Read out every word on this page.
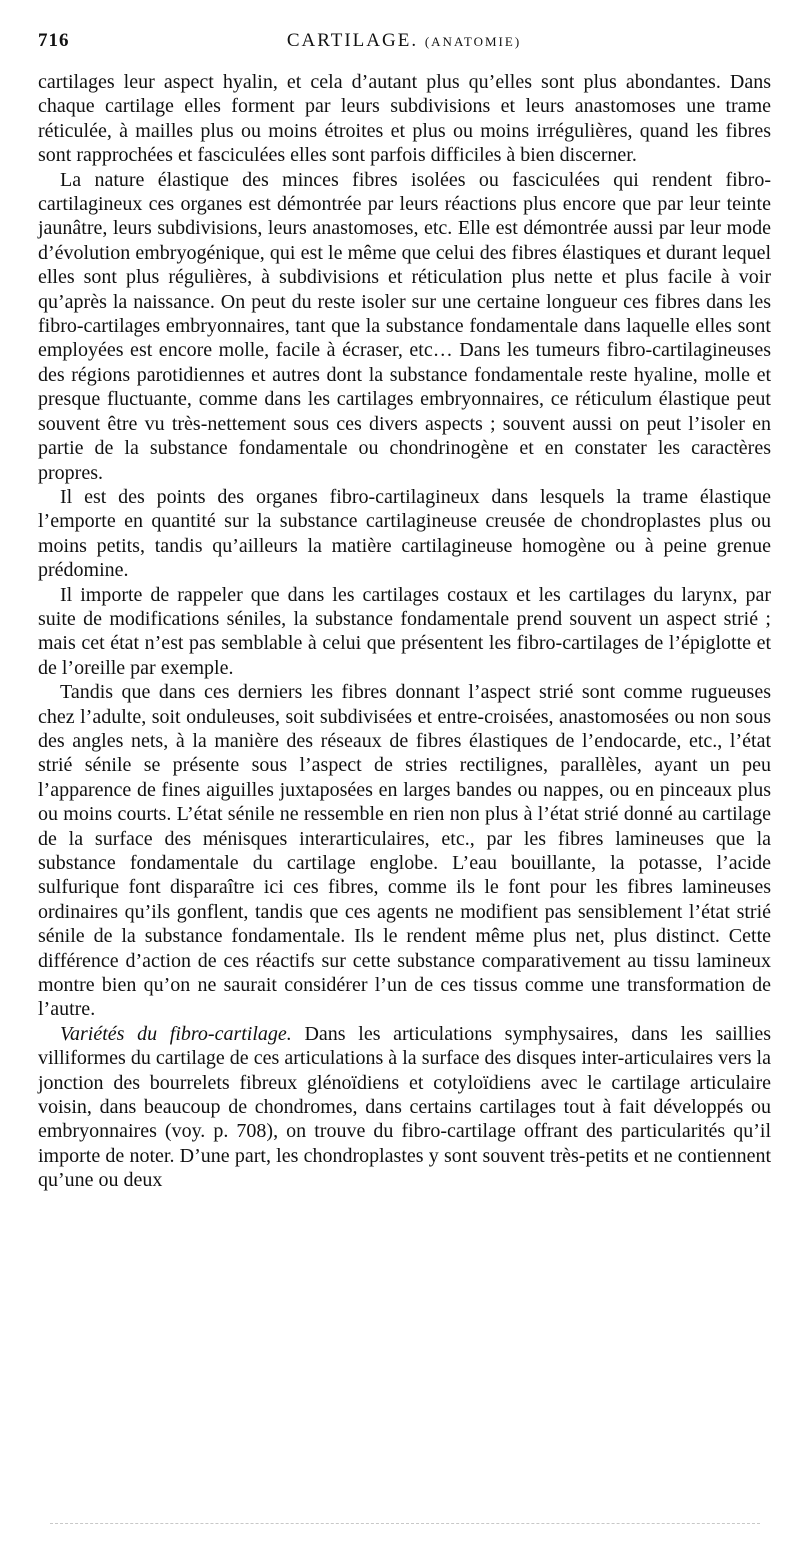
716	CARTILAGE. (ANATOMIE)

cartilages leur aspect hyalin, et cela d’autant plus qu’elles sont plus abondantes. Dans chaque cartilage elles forment par leurs subdivisions et leurs anastomoses une trame réticulée, à mailles plus ou moins étroites et plus ou moins irrégulières, quand les fibres sont rapprochées et fasciculées elles sont parfois difficiles à bien discerner.

La nature élastique des minces fibres isolées ou fasciculées qui rendent fibro-cartilagineux ces organes est démontrée par leurs réactions plus encore que par leur teinte jaunâtre, leurs subdivisions, leurs anastomoses, etc. Elle est démontrée aussi par leur mode d’évolution embryogénique, qui est le même que celui des fibres élastiques et durant lequel elles sont plus régulières, à subdivisions et réticulation plus nette et plus facile à voir qu’après la naissance. On peut du reste isoler sur une certaine longueur ces fibres dans les fibro-cartilages embryonnaires, tant que la substance fondamentale dans laquelle elles sont employées est encore molle, facile à écraser, etc… Dans les tumeurs fibro-cartilagineuses des régions parotidiennes et autres dont la substance fondamentale reste hyaline, molle et presque fluctuante, comme dans les cartilages embryonnaires, ce réticulum élastique peut souvent être vu très-nettement sous ces divers aspects ; souvent aussi on peut l’isoler en partie de la substance fondamentale ou chondrinogène et en constater les caractères propres.

Il est des points des organes fibro-cartilagineux dans lesquels la trame élastique l’emporte en quantité sur la substance cartilagineuse creusée de chondroplastes plus ou moins petits, tandis qu’ailleurs la matière cartilagineuse homogène ou à peine grenue prédomine.

Il importe de rappeler que dans les cartilages costaux et les cartilages du larynx, par suite de modifications séniles, la substance fondamentale prend souvent un aspect strié ; mais cet état n’est pas semblable à celui que présentent les fibro-cartilages de l’épiglotte et de l’oreille par exemple.

Tandis que dans ces derniers les fibres donnant l’aspect strié sont comme rugueuses chez l’adulte, soit onduleuses, soit subdivisées et entre-croisées, anastomosées ou non sous des angles nets, à la manière des réseaux de fibres élastiques de l’endocarde, etc., l’état strié sénile se présente sous l’aspect de stries rectilignes, parallèles, ayant un peu l’apparence de fines aiguilles juxtaposées en larges bandes ou nappes, ou en pinceaux plus ou moins courts. L’état sénile ne ressemble en rien non plus à l’état strié donné au cartilage de la surface des ménisques interarticulaires, etc., par les fibres lamineuses que la substance fondamentale du cartilage englobe. L’eau bouillante, la potasse, l’acide sulfurique font disparaître ici ces fibres, comme ils le font pour les fibres lamineuses ordinaires qu’ils gonflent, tandis que ces agents ne modifient pas sensiblement l’état strié sénile de la substance fondamentale. Ils le rendent même plus net, plus distinct. Cette différence d’action de ces réactifs sur cette substance comparativement au tissu lamineux montre bien qu’on ne saurait considérer l’un de ces tissus comme une transformation de l’autre.

Variétés du fibro-cartilage. Dans les articulations symphysaires, dans les saillies villiformes du cartilage de ces articulations à la surface des disques inter-articulaires vers la jonction des bourrelets fibreux glénoïdiens et cotyloïdiens avec le cartilage articulaire voisin, dans beaucoup de chondromes, dans certains cartilages tout à fait développés ou embryonnaires (voy. p. 708), on trouve du fibro-cartilage offrant des particularités qu’il importe de noter. D’une part, les chondroplastes y sont souvent très-petits et ne contiennent qu’une ou deux
